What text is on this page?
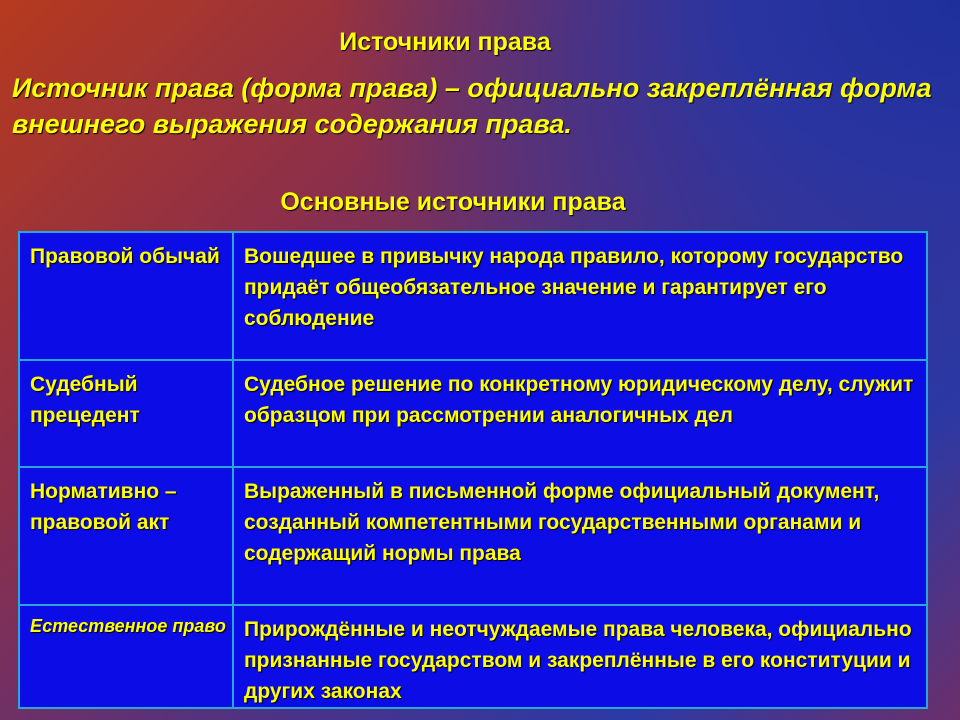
Источники права
Источник права (форма права) – официально закреплённая форма внешнего выражения содержания права.
Основные источники права
Правовой обычай	Вошедшее в привычку народа правило, которому государство придаёт общеобязательное значение и гарантирует его соблюдение
Судебный прецедент	Судебное решение по конкретному юридическому делу, служит образцом при рассмотрении аналогичных дел
Нормативно – правовой акт	Выраженный в письменной форме официальный документ, созданный компетентными государственными органами и содержащий нормы права
Естественное право	Прирождённые и неотчуждаемые права человека, официально признанные государством и закреплённые в его конституции и других законах
